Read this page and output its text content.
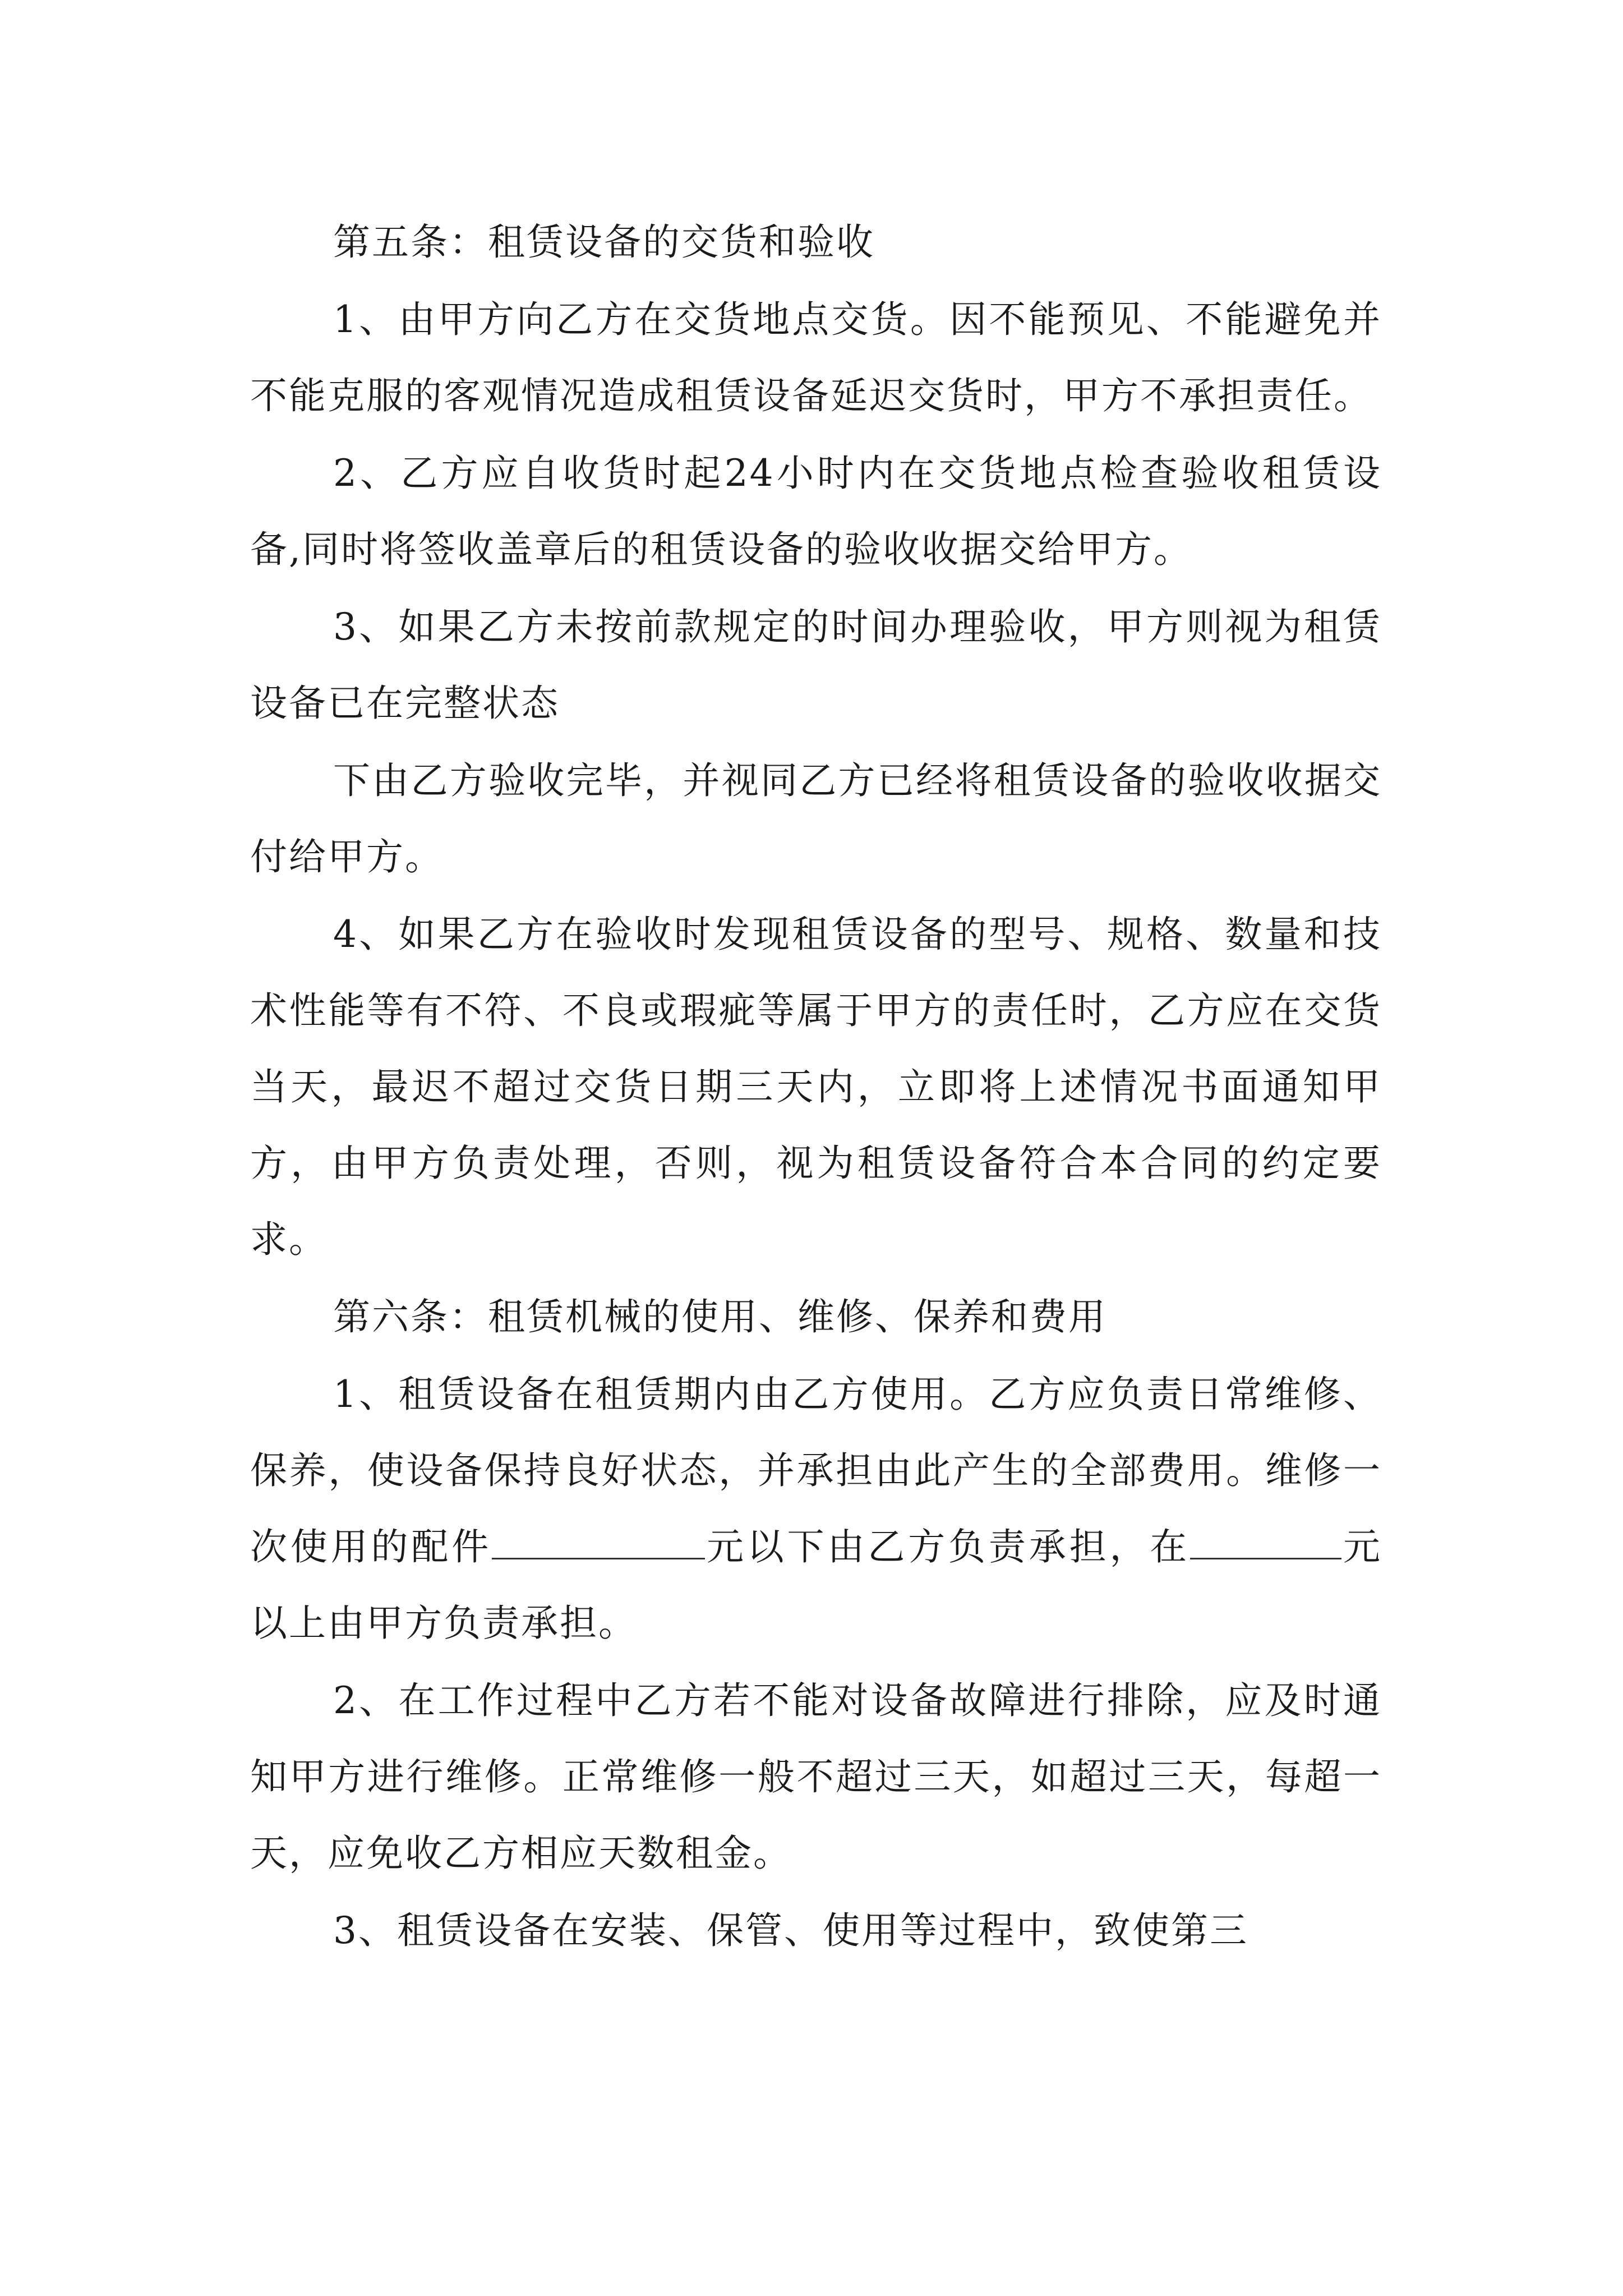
第五条：租赁设备的交货和验收

1、由甲方向乙方在交货地点交货。因不能预见、不能避免并不能克服的客观情况造成租赁设备延迟交货时，甲方不承担责任。

2、乙方应自收货时起24小时内在交货地点检查验收租赁设备,同时将签收盖章后的租赁设备的验收收据交给甲方。

3、如果乙方未按前款规定的时间办理验收，甲方则视为租赁设备已在完整状态

下由乙方验收完毕，并视同乙方已经将租赁设备的验收收据交付给甲方。

4、如果乙方在验收时发现租赁设备的型号、规格、数量和技术性能等有不符、不良或瑕疵等属于甲方的责任时，乙方应在交货当天，最迟不超过交货日期三天内，立即将上述情况书面通知甲方，由甲方负责处理，否则，视为租赁设备符合本合同的约定要求。

第六条：租赁机械的使用、维修、保养和费用

1、租赁设备在租赁期内由乙方使用。乙方应负责日常维修、保养，使设备保持良好状态，并承担由此产生的全部费用。维修一次使用的配件	元以下由乙方负责承担，在	元以上由甲方负责承担。

2、在工作过程中乙方若不能对设备故障进行排除，应及时通知甲方进行维修。正常维修一般不超过三天，如超过三天，每超一天，应免收乙方相应天数租金。

3、租赁设备在安装、保管、使用等过程中，致使第三
